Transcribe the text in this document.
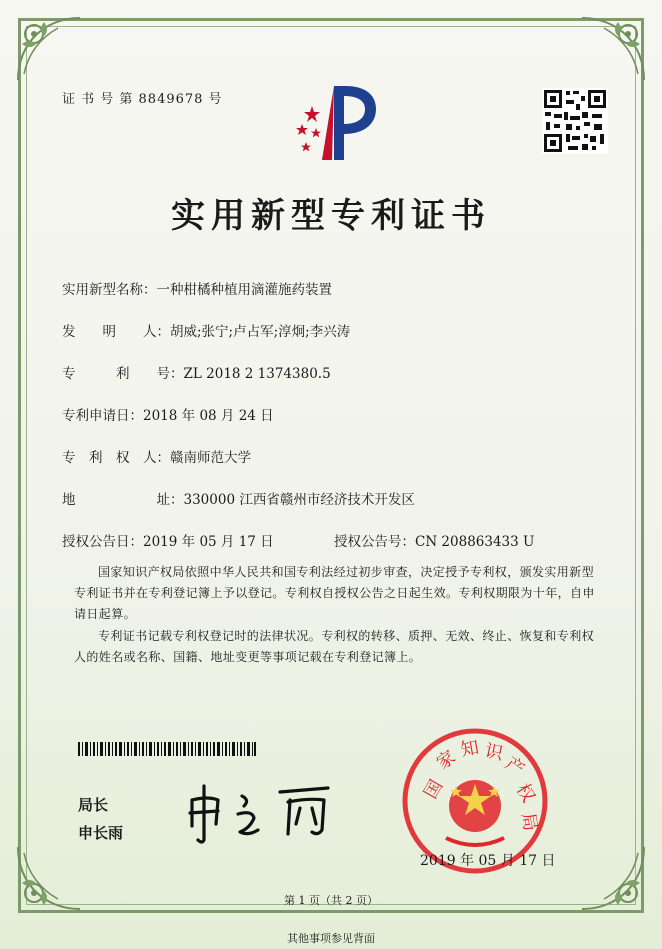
证 书 号 第 8849678 号
实用新型专利证书
实用新型名称：一种柑橘种植用滴灌施药装置
发　　明　　人：胡威;张宁;卢占军;淳炯;李兴涛
专　　　利　　号：ZL 2018 2 1374380.5
专利申请日：2018 年 08 月 24 日
专　利　权　人：赣南师范大学
地　　　　　　址：330000 江西省赣州市经济技术开发区
授权公告日：2019 年 05 月 17 日	授权公告号：CN 208863433 U
国家知识产权局依照中华人民共和国专利法经过初步审查，决定授予专利权，颁发实用新型专利证书并在专利登记簿上予以登记。专利权自授权公告之日起生效。专利权期限为十年，自申请日起算。
专利证书记载专利权登记时的法律状况。专利权的转移、质押、无效、终止、恢复和专利权人的姓名或名称、国籍、地址变更等事项记载在专利登记簿上。
局长
申长雨
国
家 知 识
产
权
局
2019 年 05 月 17 日
第 1 页（共 2 页）
其他事项参见背面
